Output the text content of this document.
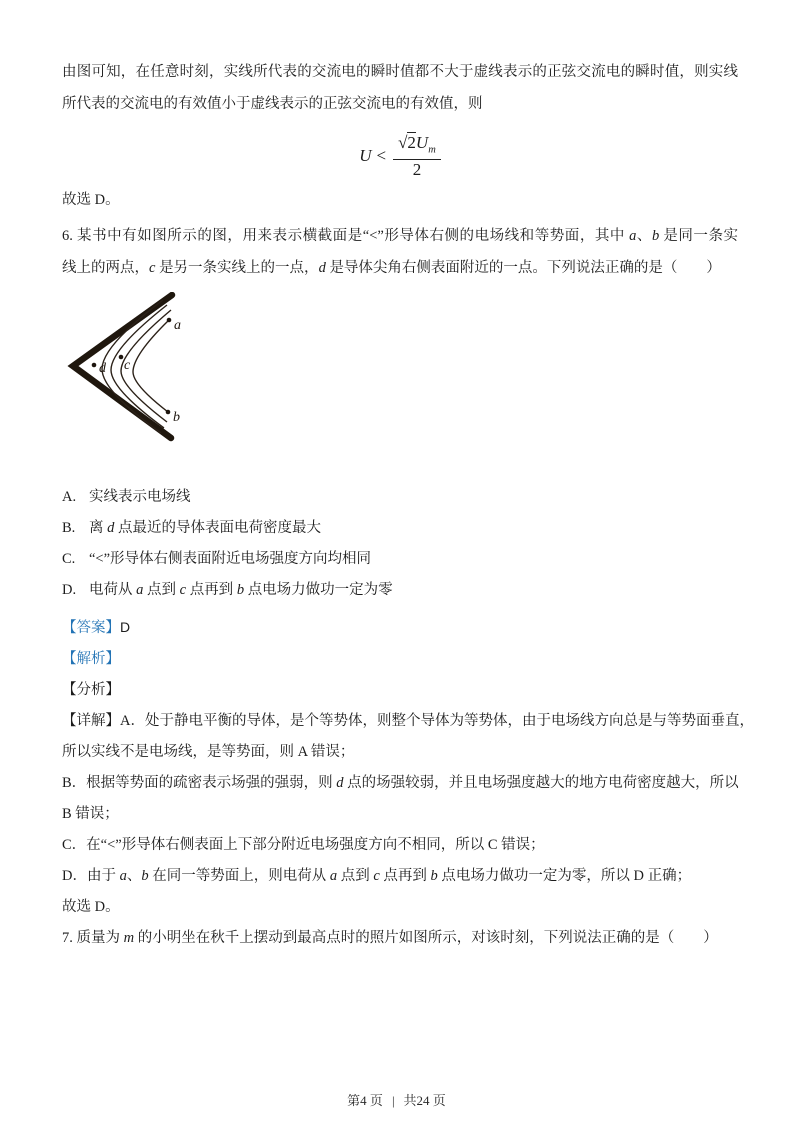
由图可知，在任意时刻，实线所代表的交流电的瞬时值都不大于虚线表示的正弦交流电的瞬时值，则实线
所代表的交流电的有效值小于虚线表示的正弦交流电的有效值，则
$U < \frac{√2U_m}{2}$
故选 D。
6. 某书中有如图所示的图，用来表示横截面是“<”形导体右侧的电场线和等势面，其中 a、b 是同一条实
线上的两点，c 是另一条实线上的一点，d 是导体尖角右侧表面附近的一点。下列说法正确的是（　　）
a
b
c
d
A. 实线表示电场线
B. 离 d 点最近的导体表面电荷密度最大
C. “<”形导体右侧表面附近电场强度方向均相同
D. 电荷从 a 点到 c 点再到 b 点电场力做功一定为零
【答案】D
【解析】
【分析】
【详解】A．处于静电平衡的导体，是个等势体，则整个导体为等势体，由于电场线方向总是与等势面垂直，
所以实线不是电场线，是等势面，则 A 错误；
B．根据等势面的疏密表示场强的强弱，则 d 点的场强较弱，并且电场强度越大的地方电荷密度越大，所以
B 错误；
C．在“<”形导体右侧表面上下部分附近电场强度方向不相同，所以 C 错误；
D．由于 a、b 在同一等势面上，则电荷从 a 点到 c 点再到 b 点电场力做功一定为零，所以 D 正确；
故选 D。
7. 质量为 m 的小明坐在秋千上摆动到最高点时的照片如图所示，对该时刻，下列说法正确的是（　　）
第4 页 | 共24 页
